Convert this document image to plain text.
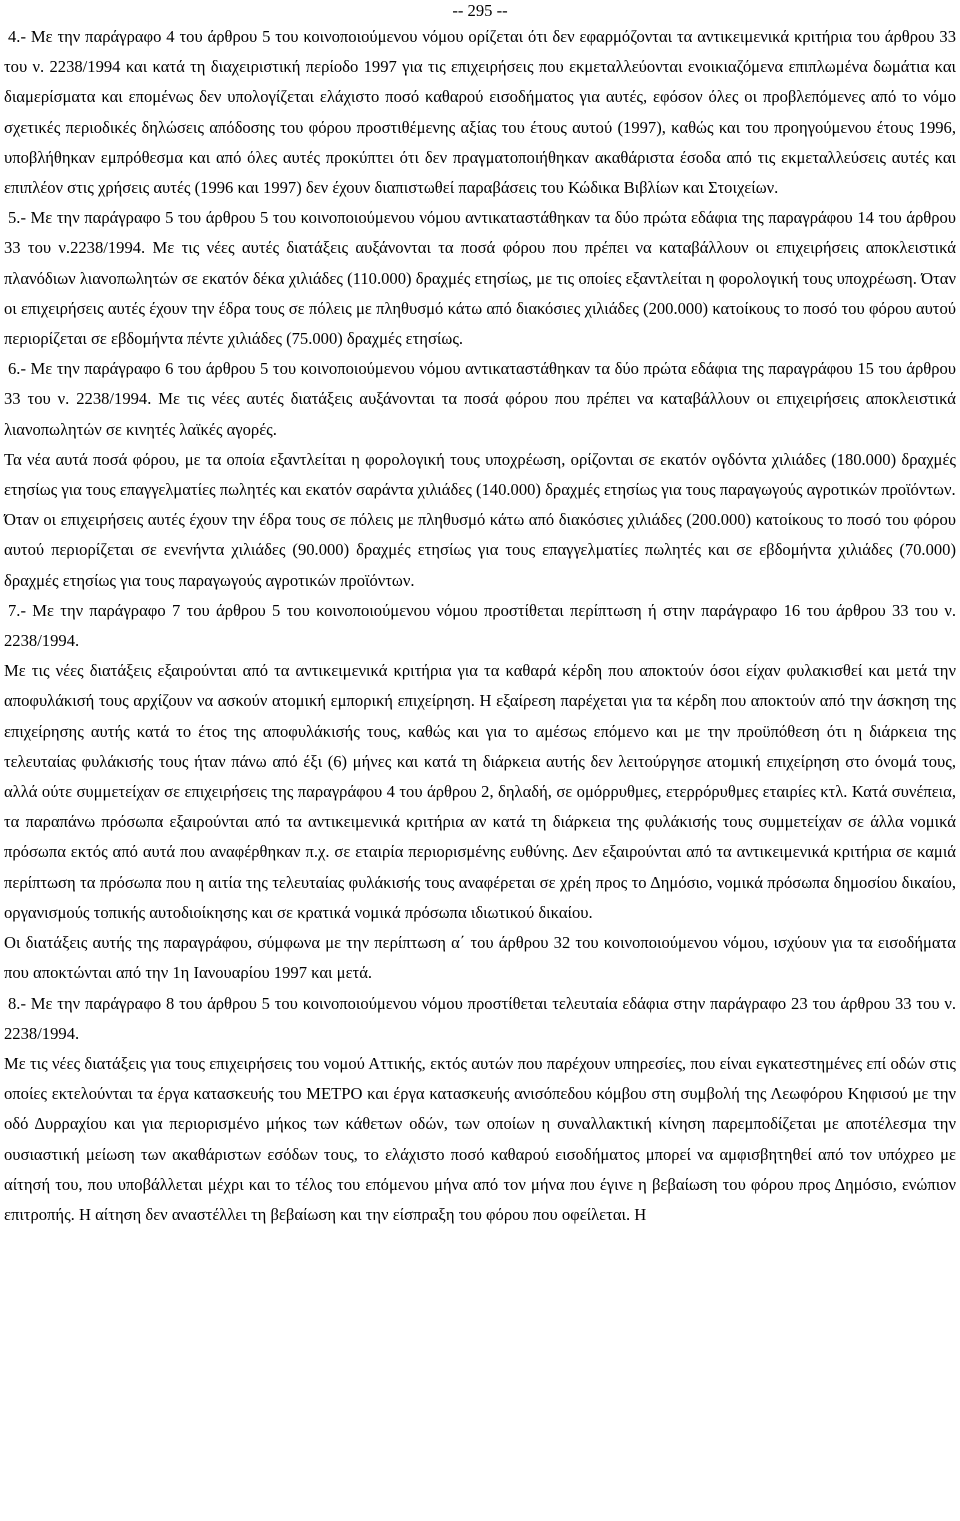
-- 295 --

4.- Με την παράγραφο 4 του άρθρου 5 του κοινοποιούμενου νόμου ορίζεται ότι δεν εφαρμόζονται τα αντικειμενικά κριτήρια του άρθρου 33 του ν. 2238/1994 και κατά τη διαχειριστική περίοδο 1997 για τις επιχειρήσεις που εκμεταλλεύονται ενοικιαζόμενα επιπλωμένα δωμάτια και διαμερίσματα και επομένως δεν υπολογίζεται ελάχιστο ποσό καθαρού εισοδήματος για αυτές, εφόσον όλες οι προβλεπόμενες από το νόμο σχετικές περιοδικές δηλώσεις απόδοσης του φόρου προστιθέμενης αξίας του έτους αυτού (1997), καθώς και του προηγούμενου έτους 1996, υποβλήθηκαν εμπρόθεσμα και από όλες αυτές προκύπτει ότι δεν πραγματοποιήθηκαν ακαθάριστα έσοδα από τις εκμεταλλεύσεις αυτές και επιπλέον στις χρήσεις αυτές (1996 και 1997) δεν έχουν διαπιστωθεί παραβάσεις του Κώδικα Βιβλίων και Στοιχείων.

5.- Με την παράγραφο 5 του άρθρου 5 του κοινοποιούμενου νόμου αντικαταστάθηκαν τα δύο πρώτα εδάφια της παραγράφου 14 του άρθρου 33 του ν.2238/1994. Με τις νέες αυτές διατάξεις αυξάνονται τα ποσά φόρου που πρέπει να καταβάλλουν οι επιχειρήσεις αποκλειστικά πλανόδιων λιανοπωλητών σε εκατόν δέκα χιλιάδες (110.000) δραχμές ετησίως, με τις οποίες εξαντλείται η φορολογική τους υποχρέωση. Όταν οι επιχειρήσεις αυτές έχουν την έδρα τους σε πόλεις με πληθυσμό κάτω από διακόσιες χιλιάδες (200.000) κατοίκους το ποσό του φόρου αυτού περιορίζεται σε εβδομήντα πέντε χιλιάδες (75.000) δραχμές ετησίως.

6.- Με την παράγραφο 6 του άρθρου 5 του κοινοποιούμενου νόμου αντικαταστάθηκαν τα δύο πρώτα εδάφια της παραγράφου 15 του άρθρου 33 του ν. 2238/1994. Με τις νέες αυτές διατάξεις αυξάνονται τα ποσά φόρου που πρέπει να καταβάλλουν οι επιχειρήσεις αποκλειστικά λιανοπωλητών σε κινητές λαϊκές αγορές.

Τα νέα αυτά ποσά φόρου, με τα οποία εξαντλείται η φορολογική τους υποχρέωση, ορίζονται σε εκατόν ογδόντα χιλιάδες (180.000) δραχμές ετησίως για τους επαγγελματίες πωλητές και εκατόν σαράντα χιλιάδες (140.000) δραχμές ετησίως για τους παραγωγούς αγροτικών προϊόντων.

Όταν οι επιχειρήσεις αυτές έχουν την έδρα τους σε πόλεις με πληθυσμό κάτω από διακόσιες χιλιάδες (200.000) κατοίκους το ποσό του φόρου αυτού περιορίζεται σε ενενήντα χιλιάδες (90.000) δραχμές ετησίως για τους επαγγελματίες πωλητές και σε εβδομήντα χιλιάδες (70.000) δραχμές ετησίως για τους παραγωγούς αγροτικών προϊόντων.

7.- Με την παράγραφο 7 του άρθρου 5 του κοινοποιούμενου νόμου προστίθεται περίπτωση ή στην παράγραφο 16 του άρθρου 33 του ν. 2238/1994.

Με τις νέες διατάξεις εξαιρούνται από τα αντικειμενικά κριτήρια για τα καθαρά κέρδη που αποκτούν όσοι είχαν φυλακισθεί και μετά την αποφυλάκισή τους αρχίζουν να ασκούν ατομική εμπορική επιχείρηση. Η εξαίρεση παρέχεται για τα κέρδη που αποκτούν από την άσκηση της επιχείρησης αυτής κατά το έτος της αποφυλάκισής τους, καθώς και για το αμέσως επόμενο και με την προϋπόθεση ότι η διάρκεια της τελευταίας φυλάκισής τους ήταν πάνω από έξι (6) μήνες και κατά τη διάρκεια αυτής δεν λειτούργησε ατομική επιχείρηση στο όνομά τους, αλλά ούτε συμμετείχαν σε επιχειρήσεις της παραγράφου 4 του άρθρου 2, δηλαδή, σε ομόρρυθμες, ετερρόρυθμες εταιρίες κτλ. Κατά συνέπεια, τα παραπάνω πρόσωπα εξαιρούνται από τα αντικειμενικά κριτήρια αν κατά τη διάρκεια της φυλάκισής τους συμμετείχαν σε άλλα νομικά πρόσωπα εκτός από αυτά που αναφέρθηκαν π.χ. σε εταιρία περιορισμένης ευθύνης. Δεν εξαιρούνται από τα αντικειμενικά κριτήρια σε καμιά περίπτωση τα πρόσωπα που η αιτία της τελευταίας φυλάκισής τους αναφέρεται σε χρέη προς το Δημόσιο, νομικά πρόσωπα δημοσίου δικαίου, οργανισμούς τοπικής αυτοδιοίκησης και σε κρατικά νομικά πρόσωπα ιδιωτικού δικαίου.

Οι διατάξεις αυτής της παραγράφου, σύμφωνα με την περίπτωση α΄ του άρθρου 32 του κοινοποιούμενου νόμου, ισχύουν για τα εισοδήματα που αποκτώνται από την 1η Ιανουαρίου 1997 και μετά.

8.- Με την παράγραφο 8 του άρθρου 5 του κοινοποιούμενου νόμου προστίθεται τελευταία εδάφια στην παράγραφο 23 του άρθρου 33 του ν. 2238/1994.

Με τις νέες διατάξεις για τους επιχειρήσεις του νομού Αττικής, εκτός αυτών που παρέχουν υπηρεσίες, που είναι εγκατεστημένες επί οδών στις οποίες εκτελούνται τα έργα κατασκευής του ΜΕΤΡΟ και έργα κατασκευής ανισόπεδου κόμβου στη συμβολή της Λεωφόρου Κηφισού με την οδό Δυρραχίου και για περιορισμένο μήκος των κάθετων οδών, των οποίων η συναλλακτική κίνηση παρεμποδίζεται με αποτέλεσμα την ουσιαστική μείωση των ακαθάριστων εσόδων τους, το ελάχιστο ποσό καθαρού εισοδήματος μπορεί να αμφισβητηθεί από τον υπόχρεο με αίτησή του, που υποβάλλεται μέχρι και το τέλος του επόμενου μήνα από τον μήνα που έγινε η βεβαίωση του φόρου προς Δημόσιο, ενώπιον επιτροπής. Η αίτηση δεν αναστέλλει τη βεβαίωση και την είσπραξη του φόρου που οφείλεται. Η
